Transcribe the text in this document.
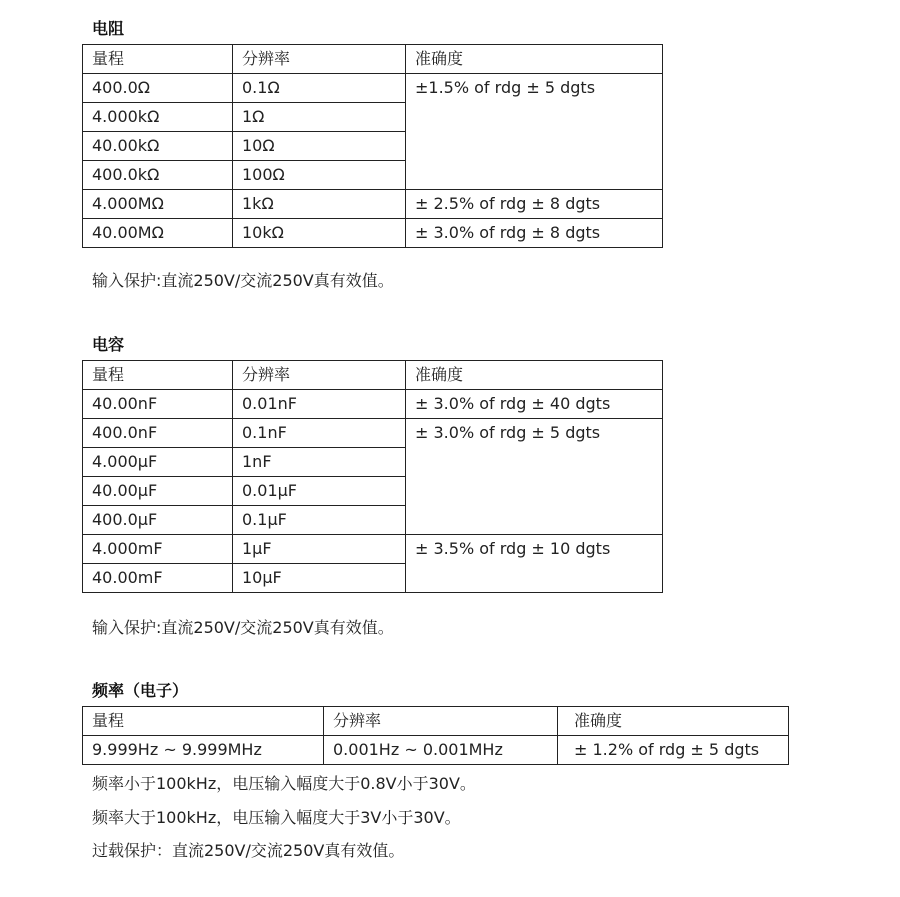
电阻
量程	分辨率	准确度
400.0Ω	0.1Ω	±1.5% of rdg ± 5 dgts
4.000kΩ	1Ω	
40.00kΩ	10Ω	
400.0kΩ	100Ω	
4.000MΩ	1kΩ	± 2.5% of rdg ± 8 dgts
40.00MΩ	10kΩ	± 3.0% of rdg ± 8 dgts
输入保护:直流250V/交流250V真有效值。
电容
量程	分辨率	准确度
40.00nF	0.01nF	± 3.0% of rdg ± 40 dgts
400.0nF	0.1nF	± 3.0% of rdg ± 5 dgts
4.000μF	1nF	
40.00μF	0.01μF	
400.0μF	0.1μF	
4.000mF	1μF	± 3.5% of rdg ± 10 dgts
40.00mF	10μF	
输入保护:直流250V/交流250V真有效值。
频率（电子）
量程	分辨率	准确度
9.999Hz ~ 9.999MHz	0.001Hz ~ 0.001MHz	± 1.2% of rdg ± 5 dgts
频率小于100kHz，电压输入幅度大于0.8V小于30V。
频率大于100kHz，电压输入幅度大于3V小于30V。
过载保护：直流250V/交流250V真有效值。
